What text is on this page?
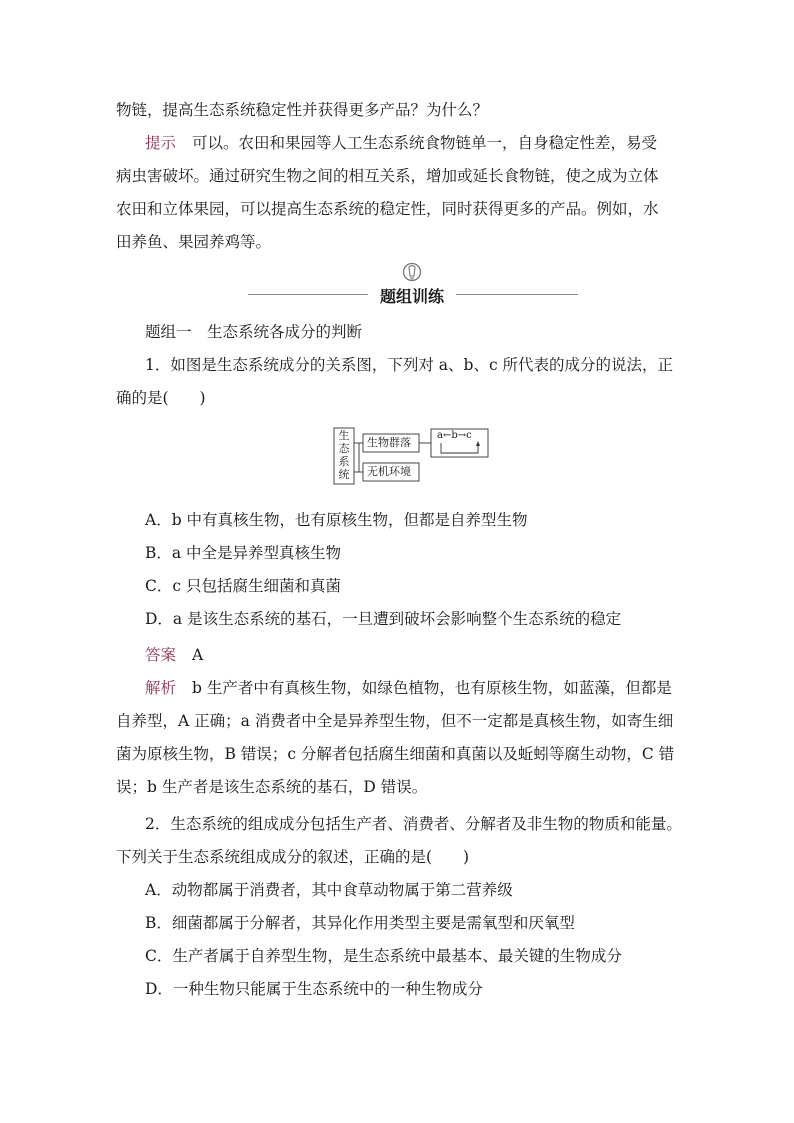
物链，提高生态系统稳定性并获得更多产品？为什么？
提示 可以。农田和果园等人工生态系统食物链单一，自身稳定性差，易受
病虫害破坏。通过研究生物之间的相互关系，增加或延长食物链，使之成为立体
农田和立体果园，可以提高生态系统的稳定性，同时获得更多的产品。例如，水
田养鱼、果园养鸡等。
题组训练
题组一　生态系统各成分的判断
1．如图是生态系统成分的关系图，下列对 a、b、c 所代表的成分的说法，正
确的是(　　)
生态系统
生物群落
无机环境
a←b→c
A．b 中有真核生物，也有原核生物，但都是自养型生物
B．a 中全是异养型真核生物
C．c 只包括腐生细菌和真菌
D．a 是该生态系统的基石，一旦遭到破坏会影响整个生态系统的稳定
答案 A
解析 b 生产者中有真核生物，如绿色植物，也有原核生物，如蓝藻，但都是
自养型，A 正确；a 消费者中全是异养型生物，但不一定都是真核生物，如寄生细
菌为原核生物，B 错误；c 分解者包括腐生细菌和真菌以及蚯蚓等腐生动物，C 错
误；b 生产者是该生态系统的基石，D 错误。
2．生态系统的组成成分包括生产者、消费者、分解者及非生物的物质和能量。
下列关于生态系统组成成分的叙述，正确的是(　　)
A．动物都属于消费者，其中食草动物属于第二营养级
B．细菌都属于分解者，其异化作用类型主要是需氧型和厌氧型
C．生产者属于自养型生物，是生态系统中最基本、最关键的生物成分
D．一种生物只能属于生态系统中的一种生物成分
